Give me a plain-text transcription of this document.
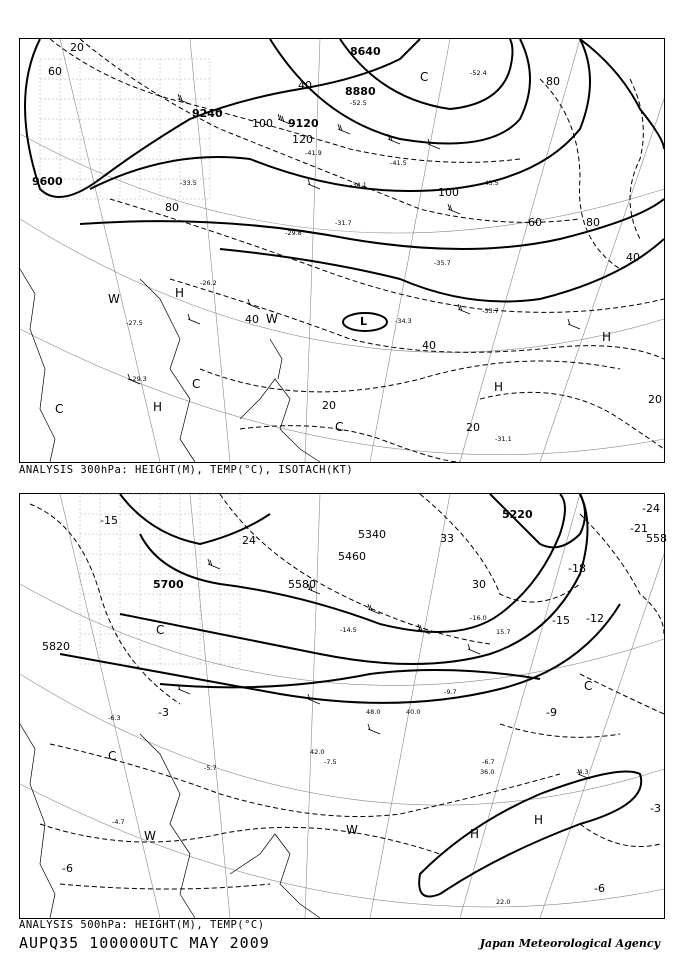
8640
8880
9120
9240
9600
20
60
40
100
120
80
80
100
60	80
40
40
20
20
20
40
-52.4
-52.5
-41.5
-43.5
-41.9
-34.1
-33.5
-31.7
-29.8
-26.2
-27.5
-29.3
-34.3
-35.7
-33.7
-31.1
L
H
H
H
H
C
C
C
C
W
W
ANALYSIS 300hPa: HEIGHT(M), TEMP(°C), ISOTACH(KT)
5220
5340
5460
5580
5700
5820
558
-24
-21
-18
-15
-15 -12
-9
-6
-6
-3
-3
24
30
33
-16.0
15.7
-14.5
-9.7
-6.7
-4.3
-5.7
-7.5
-4.7
-6.3
36.0
40.0
42.0
48.0
22.0
H
H
C
C
C
W	W
ANALYSIS 500hPa: HEIGHT(M), TEMP(°C)
AUPQ35 100000UTC MAY 2009	Japan Meteorological Agency
